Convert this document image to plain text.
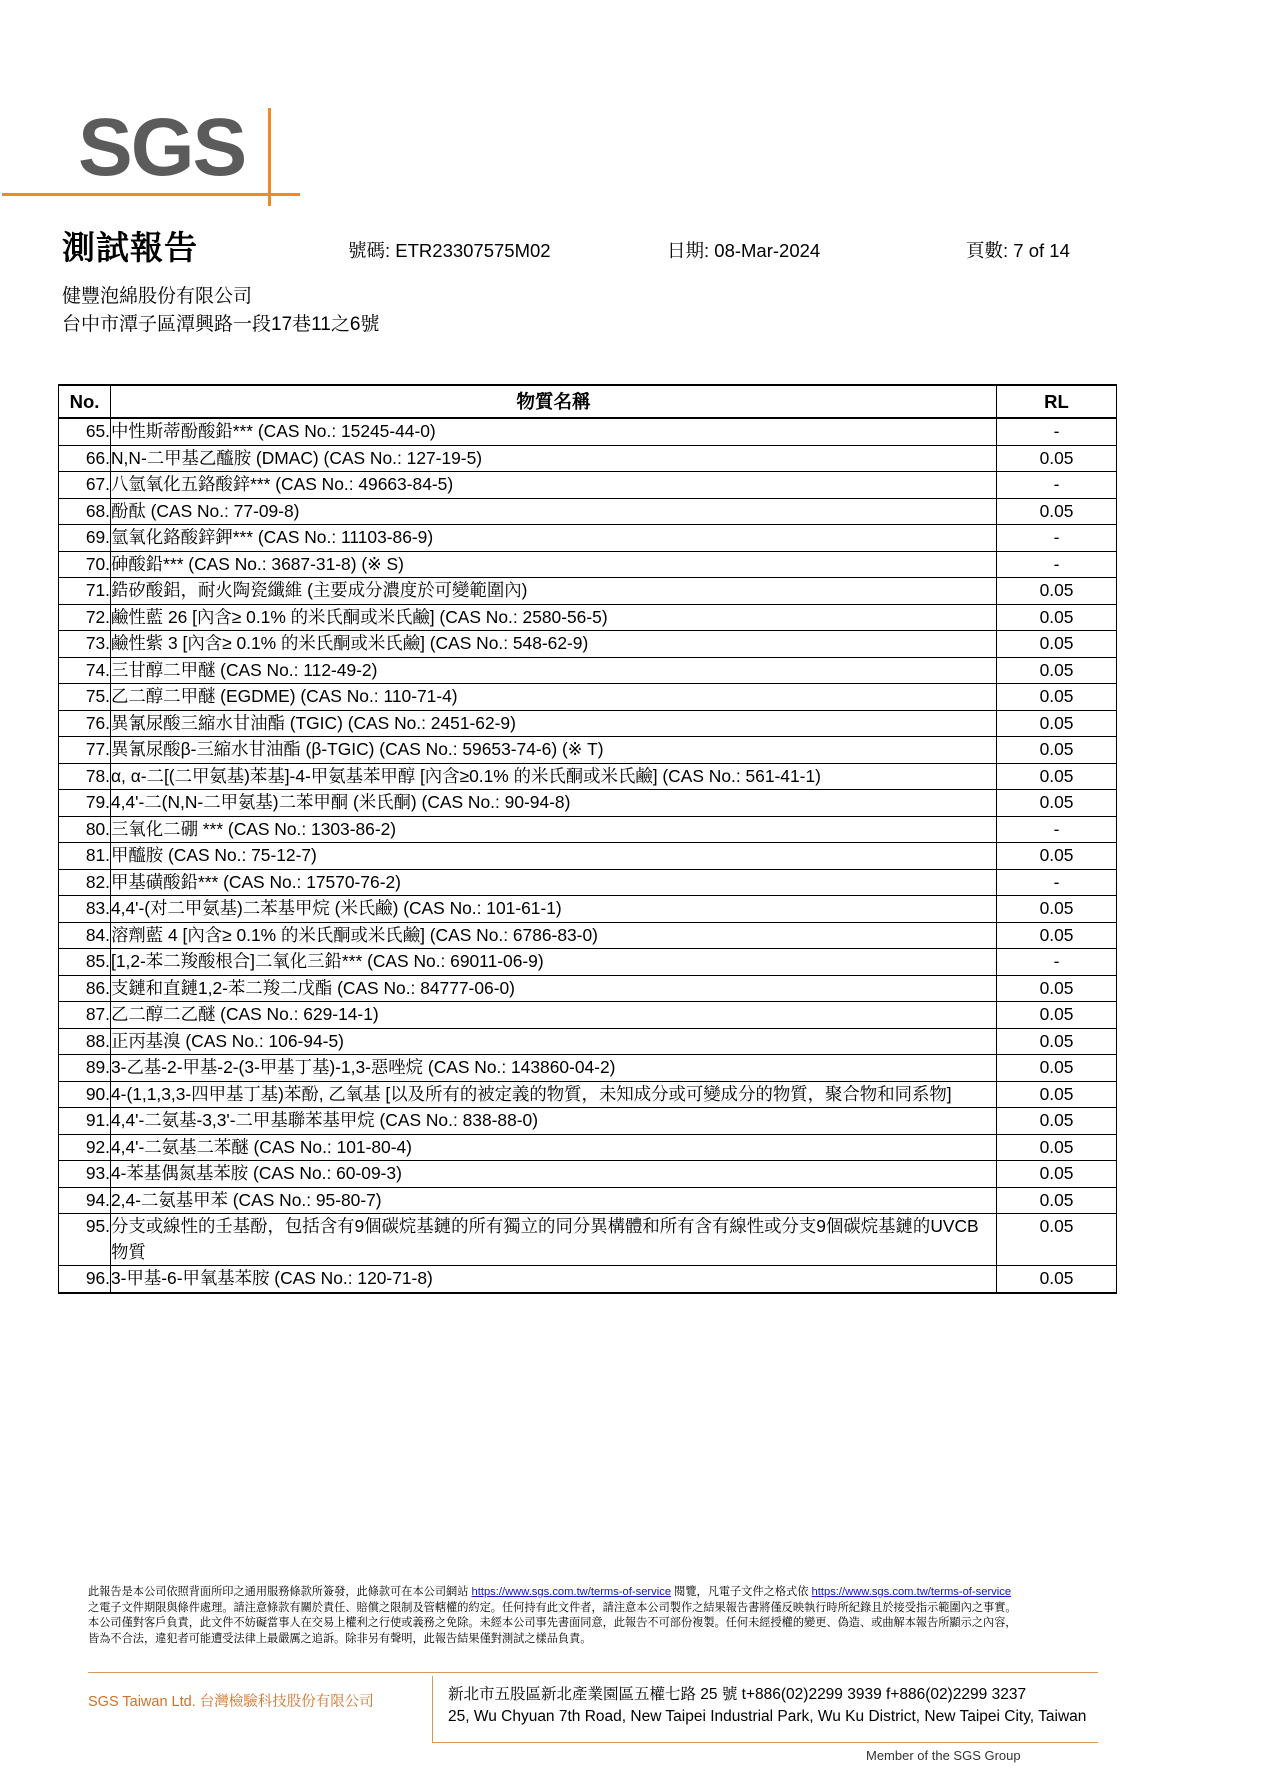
SGS
測試報告	號碼: ETR23307575M02	日期: 08-Mar-2024	頁數: 7 of 14
健豐泡綿股份有限公司
台中市潭子區潭興路一段17巷11之6號
No.	物質名稱	RL
65.	中性斯蒂酚酸鉛*** (CAS No.: 15245-44-0)	-
66.	N,N-二甲基乙醯胺 (DMAC) (CAS No.: 127-19-5)	0.05
67.	八氫氧化五鉻酸鋅*** (CAS No.: 49663-84-5)	-
68.	酚酞 (CAS No.: 77-09-8)	0.05
69.	氫氧化鉻酸鋅鉀*** (CAS No.: 11103-86-9)	-
70.	砷酸鉛*** (CAS No.: 3687-31-8) (※ S)	-
71.	鋯矽酸鋁，耐火陶瓷纖維 (主要成分濃度於可變範圍內)	0.05
72.	鹼性藍 26 [內含≥ 0.1% 的米氏酮或米氏鹼] (CAS No.: 2580-56-5)	0.05
73.	鹼性紫 3 [內含≥ 0.1% 的米氏酮或米氏鹼] (CAS No.: 548-62-9)	0.05
74.	三甘醇二甲醚 (CAS No.: 112-49-2)	0.05
75.	乙二醇二甲醚 (EGDME) (CAS No.: 110-71-4)	0.05
76.	異氰尿酸三縮水甘油酯 (TGIC) (CAS No.: 2451-62-9)	0.05
77.	異氰尿酸β-三縮水甘油酯 (β-TGIC) (CAS No.: 59653-74-6) (※ T)	0.05
78.	α, α-二[(二甲氨基)苯基]-4-甲氨基苯甲醇 [內含≥0.1% 的米氏酮或米氏鹼] (CAS No.: 561-41-1)	0.05
79.	4,4'-二(N,N-二甲氨基)二苯甲酮 (米氏酮) (CAS No.: 90-94-8)	0.05
80.	三氧化二硼 *** (CAS No.: 1303-86-2)	-
81.	甲醯胺 (CAS No.: 75-12-7)	0.05
82.	甲基磺酸鉛*** (CAS No.: 17570-76-2)	-
83.	4,4'-(对二甲氨基)二苯基甲烷 (米氏鹼) (CAS No.: 101-61-1)	0.05
84.	溶劑藍 4 [內含≥ 0.1% 的米氏酮或米氏鹼] (CAS No.: 6786-83-0)	0.05
85.	[1,2-苯二羧酸根合]二氧化三鉛*** (CAS No.: 69011-06-9)	-
86.	支鏈和直鏈1,2-苯二羧二戊酯 (CAS No.: 84777-06-0)	0.05
87.	乙二醇二乙醚 (CAS No.: 629-14-1)	0.05
88.	正丙基溴 (CAS No.: 106-94-5)	0.05
89.	3-乙基-2-甲基-2-(3-甲基丁基)-1,3-惡唑烷 (CAS No.: 143860-04-2)	0.05
90.	4-(1,1,3,3-四甲基丁基)苯酚, 乙氧基 [以及所有的被定義的物質，未知成分或可變成分的物質，聚合物和同系物]	0.05
91.	4,4'-二氨基-3,3'-二甲基聯苯基甲烷 (CAS No.: 838-88-0)	0.05
92.	4,4'-二氨基二苯醚 (CAS No.: 101-80-4)	0.05
93.	4-苯基偶氮基苯胺 (CAS No.: 60-09-3)	0.05
94.	2,4-二氨基甲苯 (CAS No.: 95-80-7)	0.05
95.	分支或線性的壬基酚，包括含有9個碳烷基鏈的所有獨立的同分異構體和所有含有線性或分支9個碳烷基鏈的UVCB物質	0.05
96.	3-甲基-6-甲氧基苯胺 (CAS No.: 120-71-8)	0.05
此報告是本公司依照背面所印之通用服務條款所簽發，此條款可在本公司網站 https://www.sgs.com.tw/terms-of-service 閱覽，凡電子文件之格式依 https://www.sgs.com.tw/terms-of-service
之電子文件期限與條件處理。請注意條款有關於責任、賠償之限制及管轄權的約定。任何持有此文件者，請注意本公司製作之結果報告書將僅反映執行時所紀錄且於接受指示範圍內之事實。
本公司僅對客戶負責，此文件不妨礙當事人在交易上權利之行使或義務之免除。未經本公司事先書面同意，此報告不可部份複製。任何未經授權的變更、偽造、或曲解本報告所顯示之內容，
皆為不合法，違犯者可能遭受法律上最嚴厲之追訴。除非另有聲明，此報告結果僅對測試之樣品負責。
SGS Taiwan Ltd. 台灣檢驗科技股份有限公司	新北市五股區新北產業園區五權七路 25 號 t+886(02)2299 3939 f+886(02)2299 3237
25, Wu Chyuan 7th Road, New Taipei Industrial Park, Wu Ku District, New Taipei City, Taiwan
Member of the SGS Group
